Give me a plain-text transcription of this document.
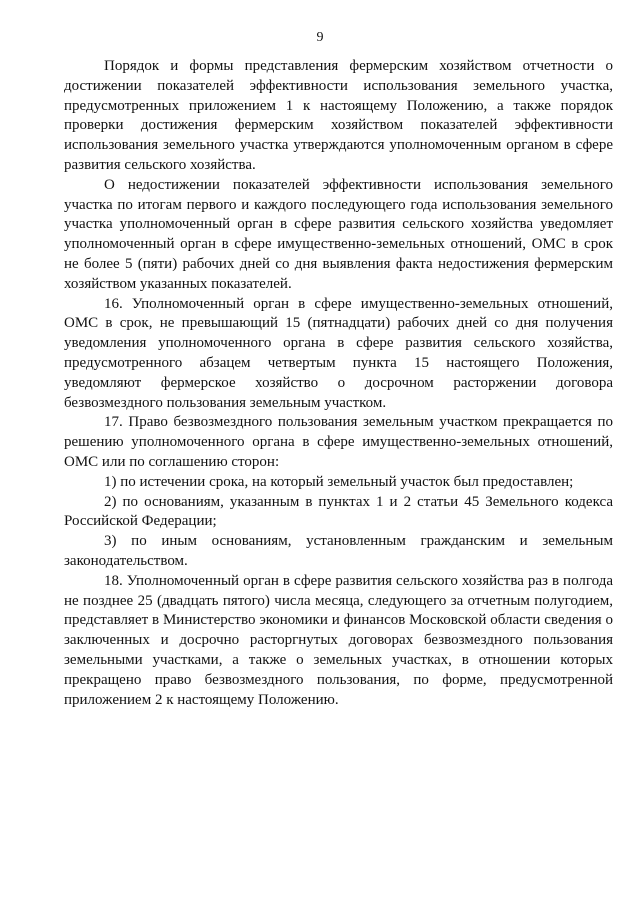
9

Порядок и формы представления фермерским хозяйством отчетности о достижении показателей эффективности использования земельного участка, предусмотренных приложением 1 к настоящему Положению, а также порядок проверки достижения фермерским хозяйством показателей эффективности использования земельного участка утверждаются уполномоченным органом в сфере развития сельского хозяйства.

О недостижении показателей эффективности использования земельного участка по итогам первого и каждого последующего года использования земельного участка уполномоченный орган в сфере развития сельского хозяйства уведомляет уполномоченный орган в сфере имущественно-земельных отношений, ОМС в срок не более 5 (пяти) рабочих дней со дня выявления факта недостижения фермерским хозяйством указанных показателей.

16. Уполномоченный орган в сфере имущественно-земельных отношений, ОМС в срок, не превышающий 15 (пятнадцати) рабочих дней со дня получения уведомления уполномоченного органа в сфере развития сельского хозяйства, предусмотренного абзацем четвертым пункта 15 настоящего Положения, уведомляют фермерское хозяйство о досрочном расторжении договора безвозмездного пользования земельным участком.

17. Право безвозмездного пользования земельным участком прекращается по решению уполномоченного органа в сфере имущественно-земельных отношений, ОМС или по соглашению сторон:

1) по истечении срока, на который земельный участок был предоставлен;

2) по основаниям, указанным в пунктах 1 и 2 статьи 45 Земельного кодекса Российской Федерации;

3) по иным основаниям, установленным гражданским и земельным законодательством.

18. Уполномоченный орган в сфере развития сельского хозяйства раз в полгода не позднее 25 (двадцать пятого) числа месяца, следующего за отчетным полугодием, представляет в Министерство экономики и финансов Московской области сведения о заключенных и досрочно расторгнутых договорах безвозмездного пользования земельными участками, а также о земельных участках, в отношении которых прекращено право безвозмездного пользования, по форме, предусмотренной приложением 2 к настоящему Положению.
